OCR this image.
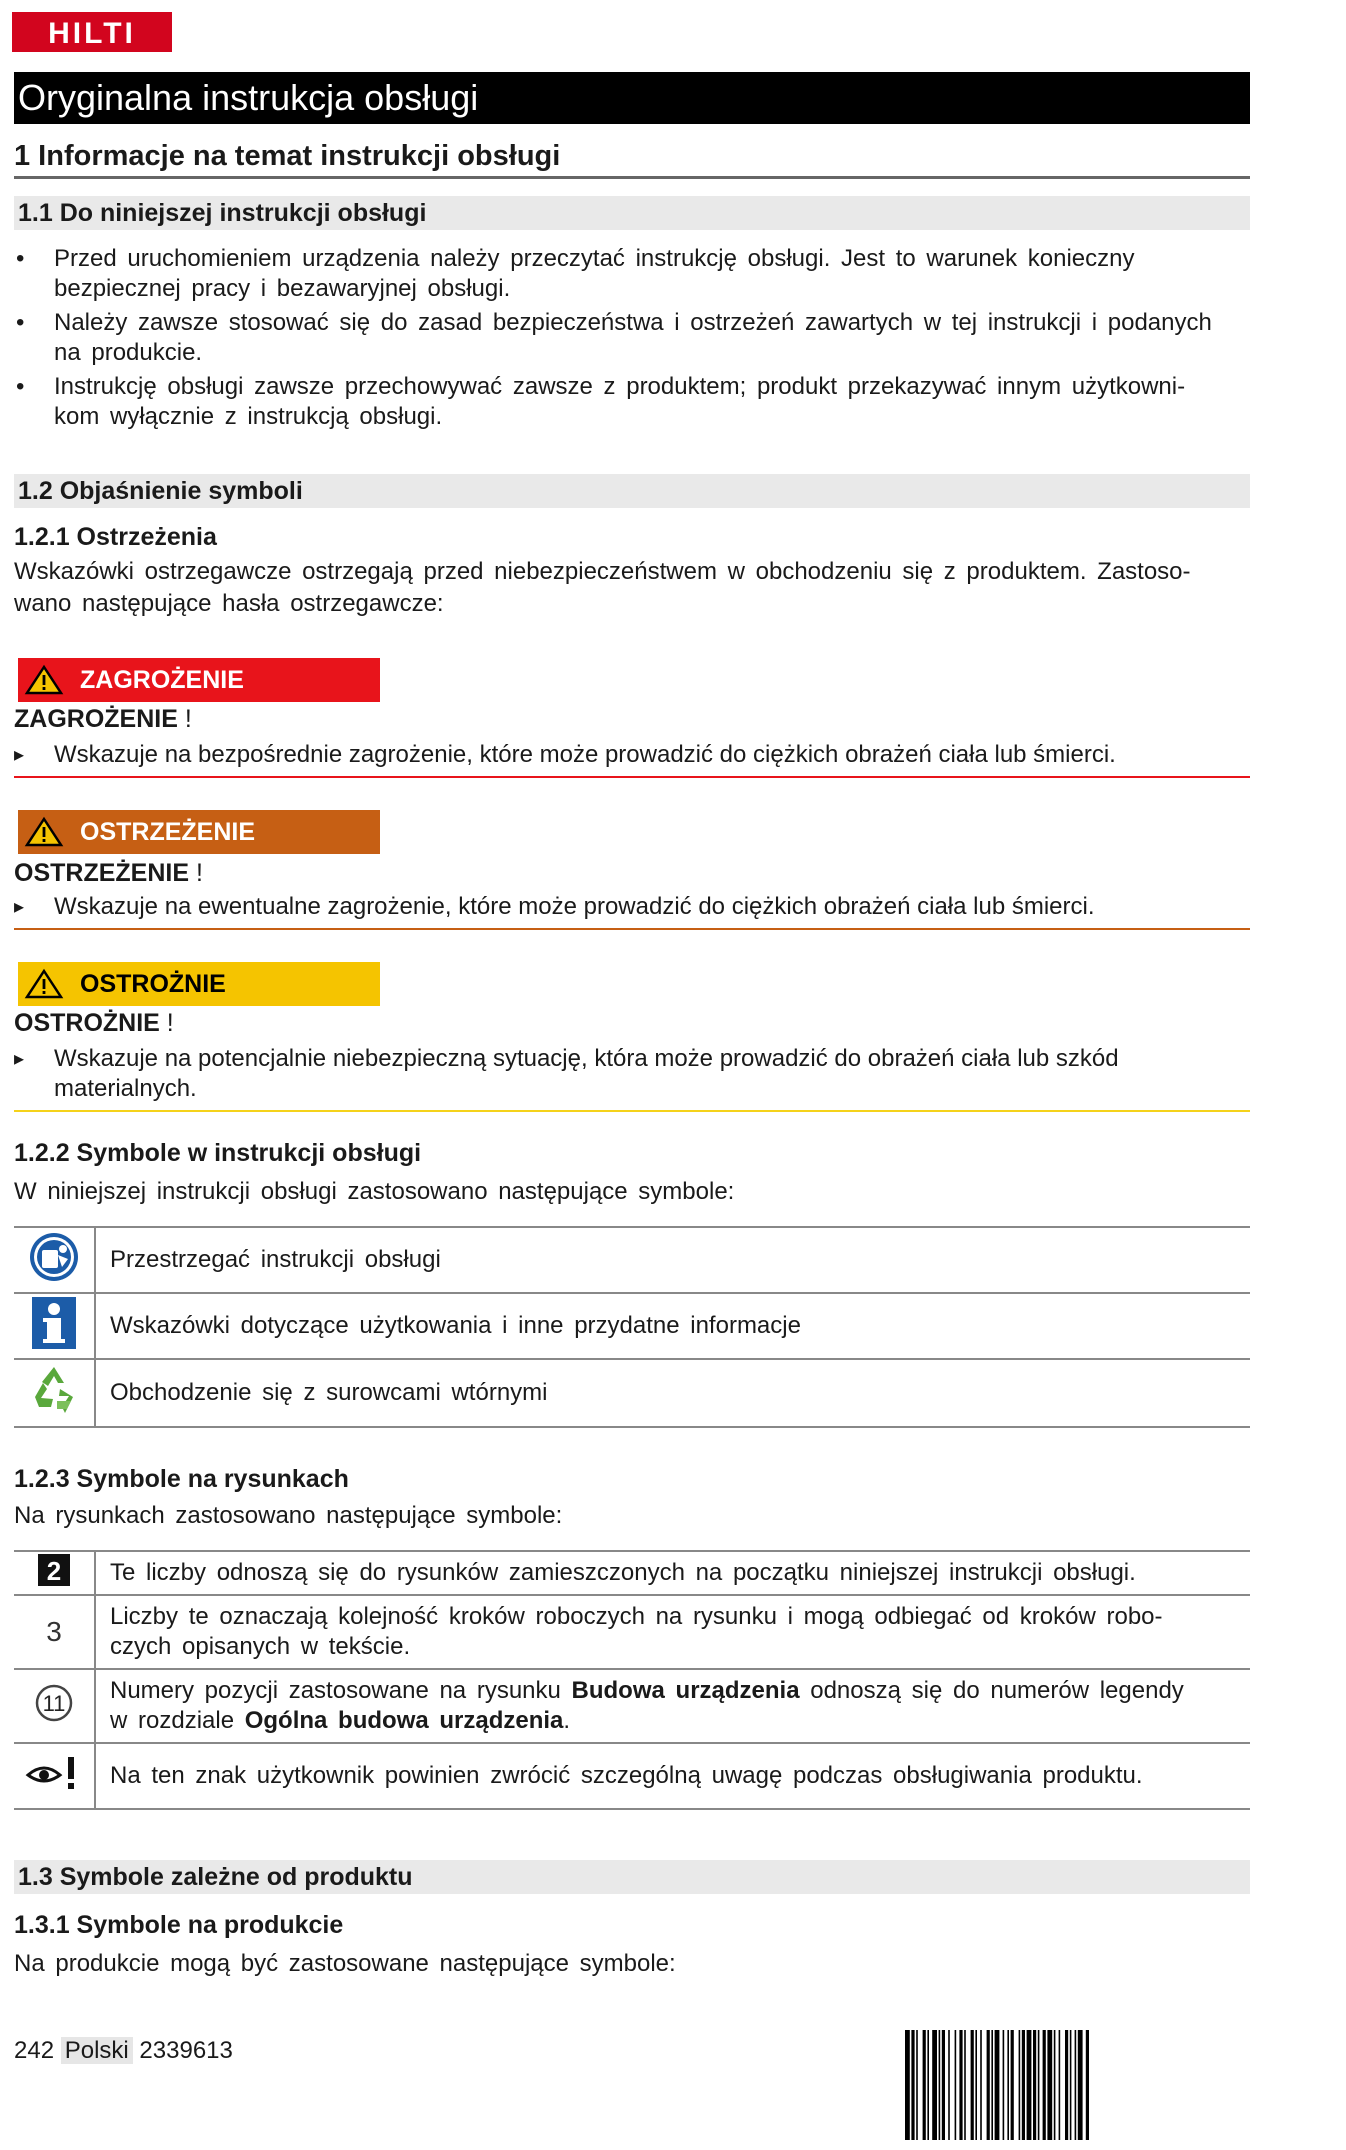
HILTI
Oryginalna instrukcja obsługi
1 Informacje na temat instrukcji obsługi
1.1 Do niniejszej instrukcji obsługi
• Przed uruchomieniem urządzenia należy przeczytać instrukcję obsługi. Jest to warunek konieczny
bezpiecznej pracy i bezawaryjnej obsługi.
• Należy zawsze stosować się do zasad bezpieczeństwa i ostrzeżeń zawartych w tej instrukcji i podanych
na produkcie.
• Instrukcję obsługi zawsze przechowywać zawsze z produktem; produkt przekazywać innym użytkowni-
kom wyłącznie z instrukcją obsługi.
1.2 Objaśnienie symboli
1.2.1 Ostrzeżenia
Wskazówki ostrzegawcze ostrzegają przed niebezpieczeństwem w obchodzeniu się z produktem. Zastoso-
wano następujące hasła ostrzegawcze:
ZAGROŻENIE
ZAGROŻENIE !
▸ Wskazuje na bezpośrednie zagrożenie, które może prowadzić do ciężkich obrażeń ciała lub śmierci.
OSTRZEŻENIE
OSTRZEŻENIE !
▸ Wskazuje na ewentualne zagrożenie, które może prowadzić do ciężkich obrażeń ciała lub śmierci.
OSTROŻNIE
OSTROŻNIE !
▸ Wskazuje na potencjalnie niebezpieczną sytuację, która może prowadzić do obrażeń ciała lub szkód
materialnych.
1.2.2 Symbole w instrukcji obsługi
W niniejszej instrukcji obsługi zastosowano następujące symbole:
	Przestrzegać instrukcji obsługi
	Wskazówki dotyczące użytkowania i inne przydatne informacje
	Obchodzenie się z surowcami wtórnymi
1.2.3 Symbole na rysunkach
Na rysunkach zastosowano następujące symbole:
2	Te liczby odnoszą się do rysunków zamieszczonych na początku niniejszej instrukcji obsługi.
3	Liczby te oznaczają kolejność kroków roboczych na rysunku i mogą odbiegać od kroków robo-
czych opisanych w tekście.

11	Numery pozycji zastosowane na rysunku Budowa urządzenia odnoszą się do numerów legendy
w rozdziale Ogólna budowa urządzenia.

	Na ten znak użytkownik powinien zwrócić szczególną uwagę podczas obsługiwania produktu.
1.3 Symbole zależne od produktu
1.3.1 Symbole na produkcie
Na produkcie mogą być zastosowane następujące symbole:
242 Polski 2339613
